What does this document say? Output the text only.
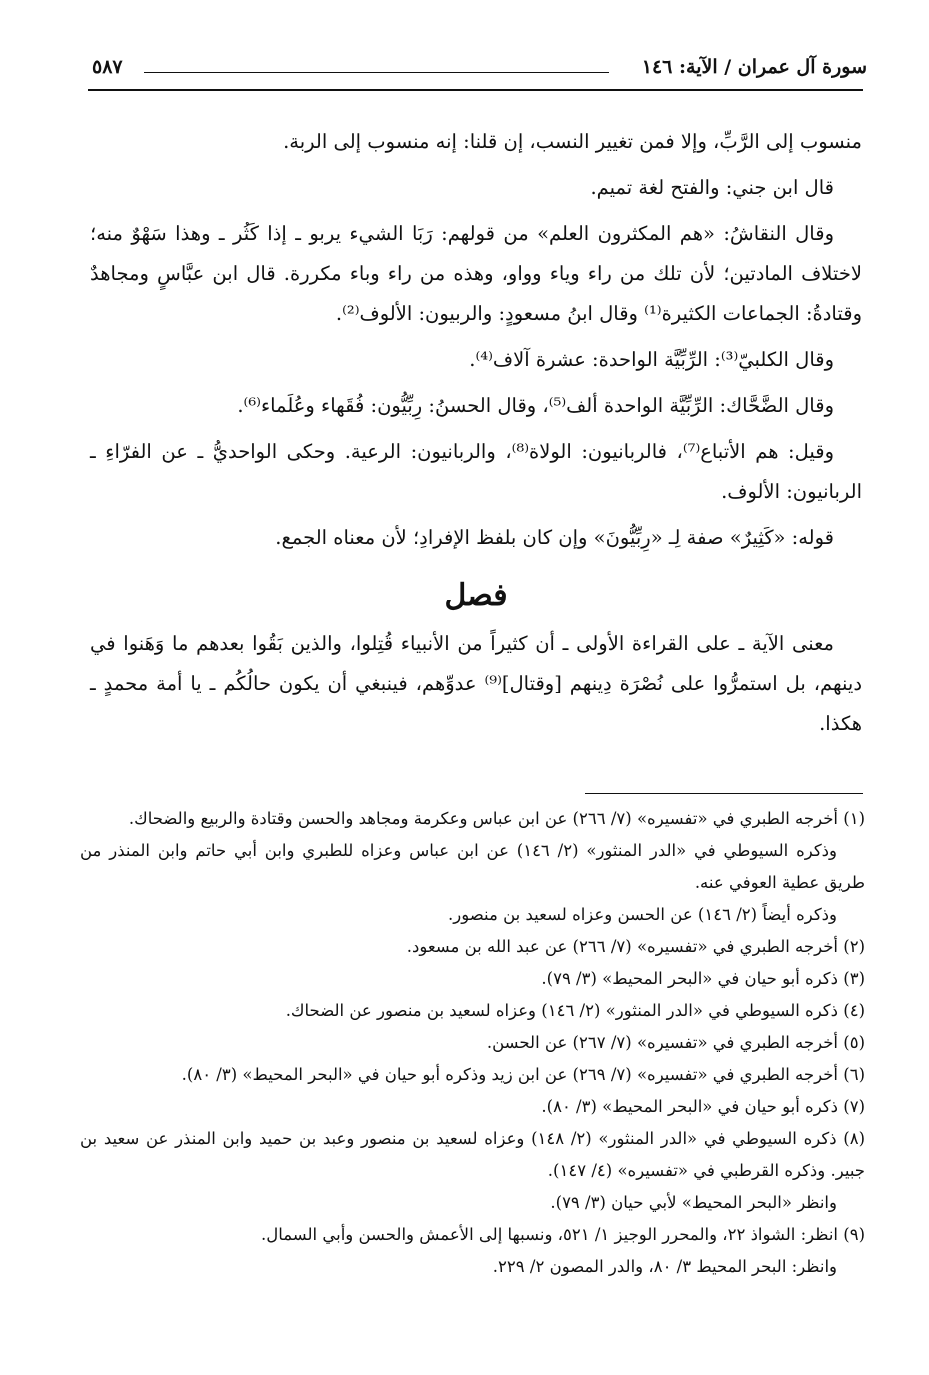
سورة آل عمران / الآية: ١٤٦
٥٨٧

منسوب إلى الرَّبِّ، وإلا فمن تغيير النسب، إن قلنا: إنه منسوب إلى الربة.

قال ابن جني: والفتح لغة تميم.

وقال النقاشُ: «هم المكثرون العلم» من قولهم: رَبَا الشيء يربو ـ إذا كَثُر ـ وهذا سَهْوٌ منه؛ لاختلاف المادتين؛ لأن تلك من راء وياء وواو، وهذه من راء وباء مكررة. قال ابن عبَّاسٍ ومجاهدٌ وقتادةُ: الجماعات الكثيرة⁽¹⁾ وقال ابنُ مسعودٍ: والربيون: الألوف⁽²⁾.

وقال الكلبيّ⁽³⁾: الرِّبِّيَّة الواحدة: عشرة آلاف⁽⁴⁾.

وقال الضَّحَّاك: الرِّبِّيَّة الواحدة ألف⁽⁵⁾، وقال الحسنُ: رِبِّيُّون: فُقَهاء وعُلَماء⁽⁶⁾.

وقيل: هم الأتباع⁽⁷⁾، فالربانيون: الولاة⁽⁸⁾، والربانيون: الرعية. وحكى الواحديُّ ـ عن الفرّاءِ ـ الربانيون: الألوف.

قوله: «كَثِيرٌ» صفة لِـ «رِبِّيُّونَ» وإن كان بلفظ الإفرادِ؛ لأن معناه الجمع.

فصل

معنى الآية ـ على القراءة الأولى ـ أن كثيراً من الأنبياء قُتِلوا، والذين بَقُوا بعدهم ما وَهَنوا في دينهم، بل استمرُّوا على نُصْرَة دِينهم [وقتال]⁽⁹⁾ عدوِّهم، فينبغي أن يكون حالُكُم ـ يا أمة محمدٍ ـ هكذا.

(١) أخرجه الطبري في «تفسيره» (٧/ ٢٦٦) عن ابن عباس وعكرمة ومجاهد والحسن وقتادة والربيع والضحاك.

وذكره السيوطي في «الدر المنثور» (٢/ ١٤٦) عن ابن عباس وعزاه للطبري وابن أبي حاتم وابن المنذر من طريق عطية العوفي عنه.

وذكره أيضاً (٢/ ١٤٦) عن الحسن وعزاه لسعيد بن منصور.

(٢) أخرجه الطبري في «تفسيره» (٧/ ٢٦٦) عن عبد الله بن مسعود.

(٣) ذكره أبو حيان في «البحر المحيط» (٣/ ٧٩).

(٤) ذكره السيوطي في «الدر المنثور» (٢/ ١٤٦) وعزاه لسعيد بن منصور عن الضحاك.

(٥) أخرجه الطبري في «تفسيره» (٧/ ٢٦٧) عن الحسن.

(٦) أخرجه الطبري في «تفسيره» (٧/ ٢٦٩) عن ابن زيد وذكره أبو حيان في «البحر المحيط» (٣/ ٨٠).

(٧) ذكره أبو حيان في «البحر المحيط» (٣/ ٨٠).

(٨) ذكره السيوطي في «الدر المنثور» (٢/ ١٤٨) وعزاه لسعيد بن منصور وعبد بن حميد وابن المنذر عن سعيد بن جبير. وذكره القرطبي في «تفسيره» (٤/ ١٤٧).

وانظر «البحر المحيط» لأبي حيان (٣/ ٧٩).

(٩) انظر: الشواذ ٢٢، والمحرر الوجيز ١/ ٥٢١، ونسبها إلى الأعمش والحسن وأبي السمال.

وانظر: البحر المحيط ٣/ ٨٠، والدر المصون ٢/ ٢٢٩.
